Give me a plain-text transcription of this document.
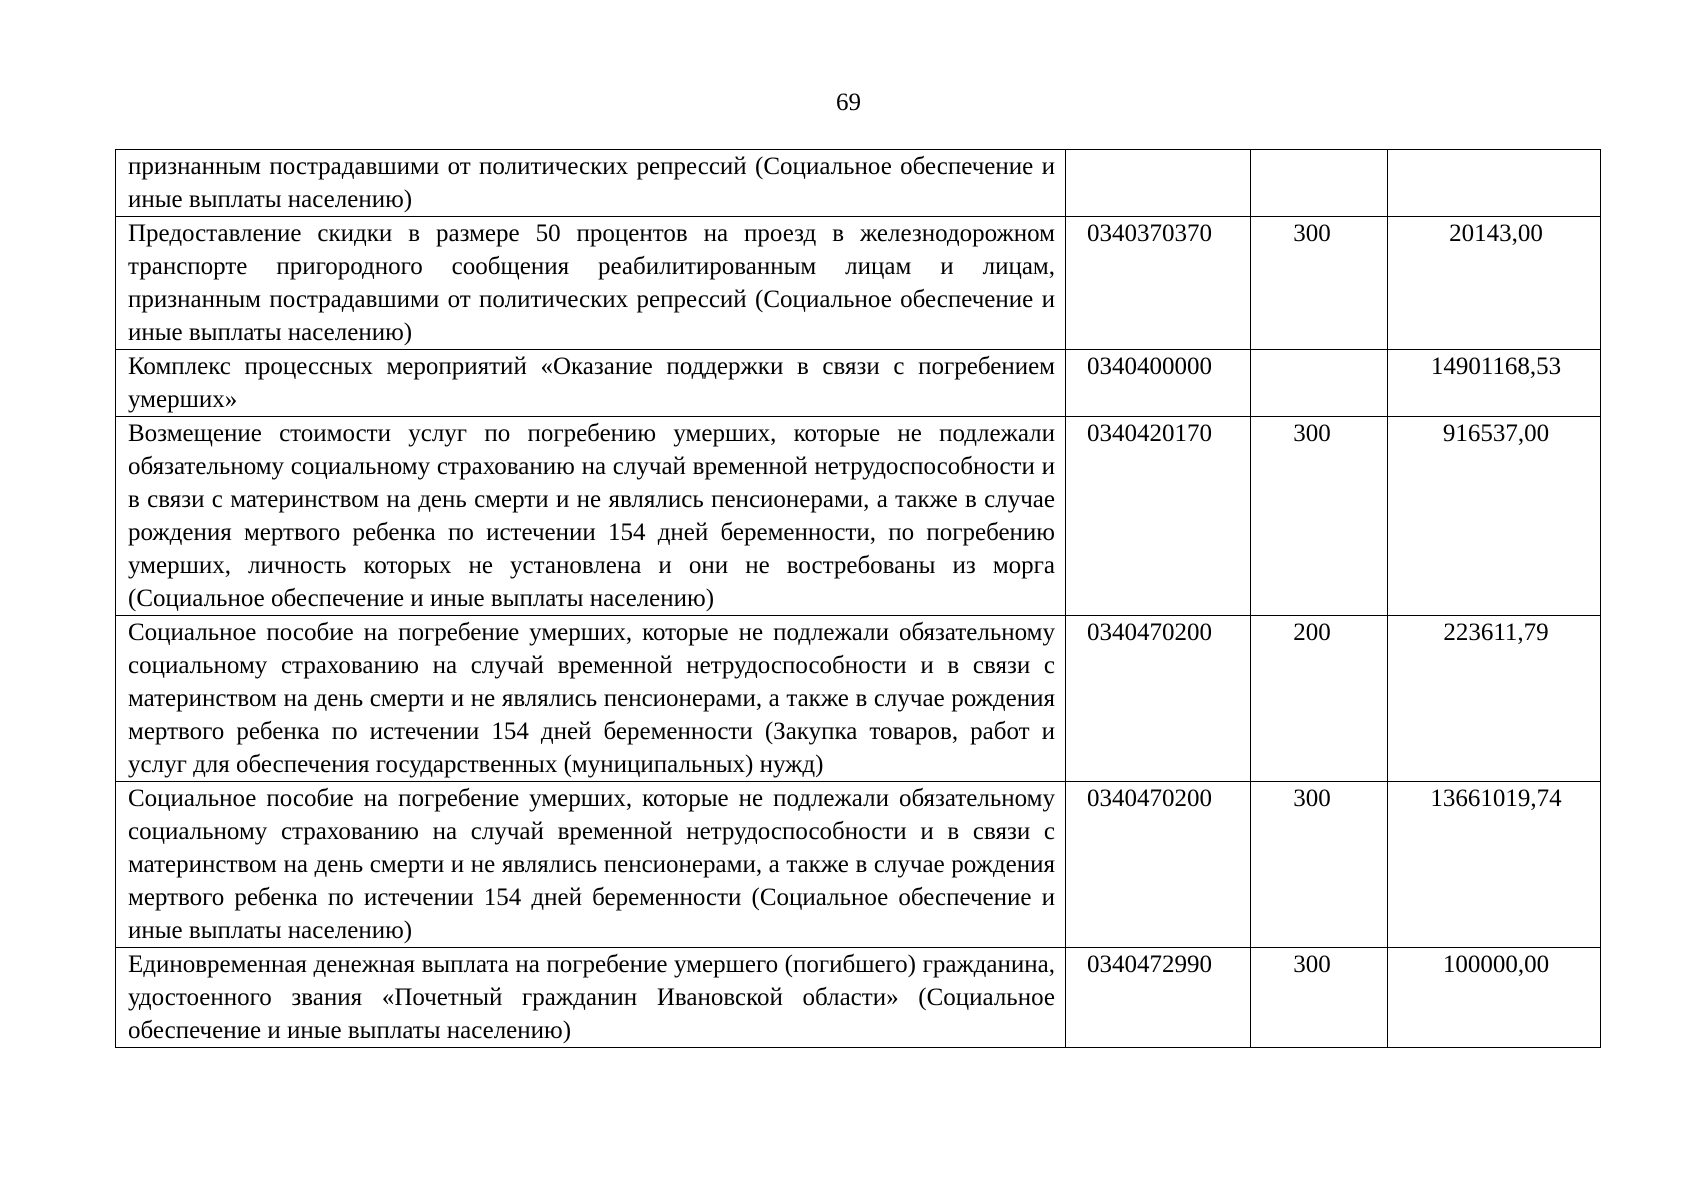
69
признанным пострадавшими от политических репрессий (Социальное обеспечение и иные выплаты населению)			
Предоставление скидки в размере 50 процентов на проезд в железнодорожном транспорте пригородного сообщения реабилитированным лицам и лицам, признанным пострадавшими от политических репрессий (Социальное обеспечение и иные выплаты населению)	0340370370	300	20143,00
Комплекс процессных мероприятий «Оказание поддержки в связи с погребением умерших»	0340400000		14901168,53
Возмещение стоимости услуг по погребению умерших, которые не подлежали обязательному социальному страхованию на случай временной нетрудоспособности и в связи с материнством на день смерти и не являлись пенсионерами, а также в случае рождения мертвого ребенка по истечении 154 дней беременности, по погребению умерших, личность которых не установлена и они не востребованы из морга (Социальное обеспечение и иные выплаты населению)	0340420170	300	916537,00
Социальное пособие на погребение умерших, которые не подлежали обязательному социальному страхованию на случай временной нетрудоспособности и в связи с материнством на день смерти и не являлись пенсионерами, а также в случае рождения мертвого ребенка по истечении 154 дней беременности (Закупка товаров, работ и услуг для обеспечения государственных (муниципальных) нужд)	0340470200	200	223611,79
Социальное пособие на погребение умерших, которые не подлежали обязательному социальному страхованию на случай временной нетрудоспособности и в связи с материнством на день смерти и не являлись пенсионерами, а также в случае рождения мертвого ребенка по истечении 154 дней беременности (Социальное обеспечение и иные выплаты населению)	0340470200	300	13661019,74
Единовременная денежная выплата на погребение умершего (погибшего) гражданина, удостоенного звания «Почетный гражданин Ивановской области» (Социальное обеспечение и иные выплаты населению)	0340472990	300	100000,00
